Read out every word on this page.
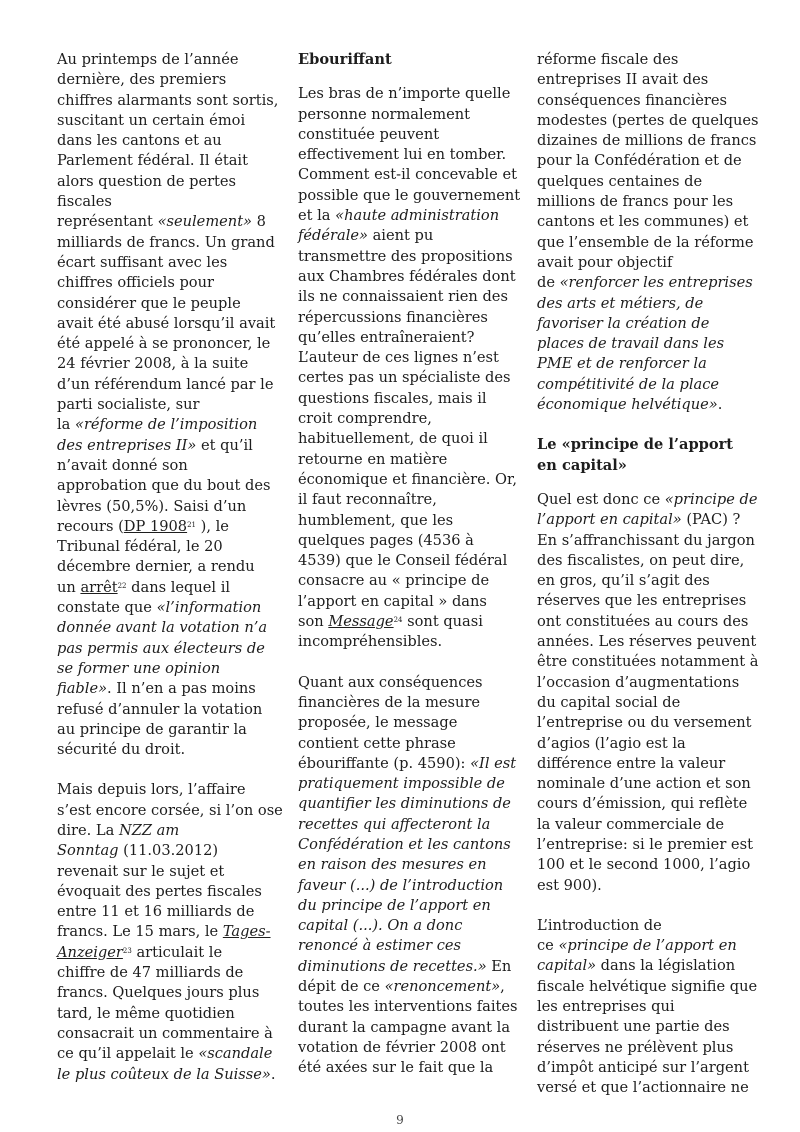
Au printemps de l’année
dernière, des premiers
chiffres alarmants sont sortis,
suscitant un certain émoi
dans les cantons et au
Parlement fédéral. Il était
alors question de pertes
fiscales
représentant «seulement» 8
milliards de francs. Un grand
écart suffisant avec les
chiffres officiels pour
considérer que le peuple
avait été abusé lorsqu’il avait
été appelé à se prononcer, le
24 février 2008, à la suite
d’un référendum lancé par le
parti socialiste, sur
la «réforme de l’imposition
des entreprises II» et qu’il
n’avait donné son
approbation que du bout des
lèvres (50,5%). Saisi d’un
recours (DP 1908$^{21}$ ), le
Tribunal fédéral, le 20
décembre dernier, a rendu
un arrêt$^{22}$ dans lequel il
constate que «l’information
donnée avant la votation n’a
pas permis aux électeurs de
se former une opinion
fiable». Il n’en a pas moins
refusé d’annuler la votation
au principe de garantir la
sécurité du droit.

Mais depuis lors, l’affaire
s’est encore corsée, si l’on ose
dire. La NZZ am
Sonntag (11.03.2012)
revenait sur le sujet et
évoquait des pertes fiscales
entre 11 et 16 milliards de
francs. Le 15 mars, le Tages-
Anzeiger$^{23}$ articulait le
chiffre de 47 milliards de
francs. Quelques jours plus
tard, le même quotidien
consacrait un commentaire à
ce qu’il appelait le «scandale
le plus coûteux de la Suisse».

Ebouriffant

Les bras de n’importe quelle
personne normalement
constituée peuvent
effectivement lui en tomber.
Comment est-il concevable et
possible que le gouvernement
et la «haute administration
fédérale» aient pu
transmettre des propositions
aux Chambres fédérales dont
ils ne connaissaient rien des
répercussions financières
qu’elles entraîneraient?
L’auteur de ces lignes n’est
certes pas un spécialiste des
questions fiscales, mais il
croit comprendre,
habituellement, de quoi il
retourne en matière
économique et financière. Or,
il faut reconnaître,
humblement, que les
quelques pages (4536 à
4539) que le Conseil fédéral
consacre au « principe de
l’apport en capital » dans
son Message$^{24}$ sont quasi
incompréhensibles.

Quant aux conséquences
financières de la mesure
proposée, le message
contient cette phrase
ébouriffante (p. 4590): «Il est
pratiquement impossible de
quantifier les diminutions de
recettes qui affecteront la
Confédération et les cantons
en raison des mesures en
faveur (...) de l’introduction
du principe de l’apport en
capital (...). On a donc
renoncé à estimer ces
diminutions de recettes.» En
dépit de ce «renoncement»,
toutes les interventions faites
durant la campagne avant la
votation de février 2008 ont
été axées sur le fait que la

réforme fiscale des
entreprises II avait des
conséquences financières
modestes (pertes de quelques
dizaines de millions de francs
pour la Confédération et de
quelques centaines de
millions de francs pour les
cantons et les communes) et
que l’ensemble de la réforme
avait pour objectif
de «renforcer les entreprises
des arts et métiers, de
favoriser la création de
places de travail dans les
PME et de renforcer la
compétitivité de la place
économique helvétique».

Le «principe de l’apport
en capital»

Quel est donc ce «principe de
l’apport en capital» (PAC) ?
En s’affranchissant du jargon
des fiscalistes, on peut dire,
en gros, qu’il s’agit des
réserves que les entreprises
ont constituées au cours des
années. Les réserves peuvent
être constituées notamment à
l’occasion d’augmentations
du capital social de
l’entreprise ou du versement
d’agios (l’agio est la
différence entre la valeur
nominale d’une action et son
cours d’émission, qui reflète
la valeur commerciale de
l’entreprise: si le premier est
100 et le second 1000, l’agio
est 900).

L’introduction de
ce «principe de l’apport en
capital» dans la législation
fiscale helvétique signifie que
les entreprises qui
distribuent une partie des
réserves ne prélèvent plus
d’impôt anticipé sur l’argent
versé et que l’actionnaire ne

9
